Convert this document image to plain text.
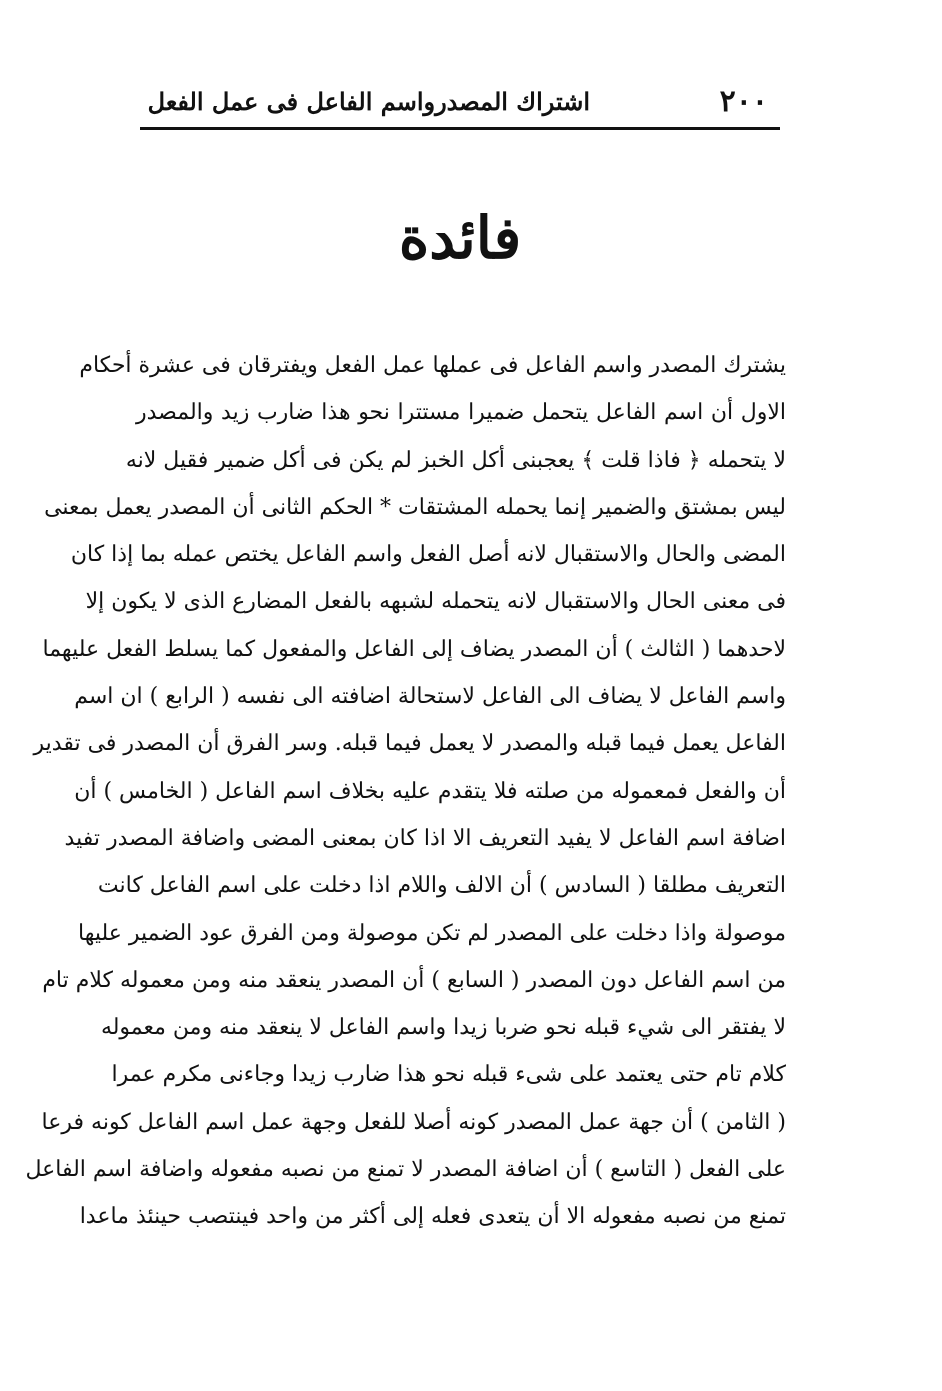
٢٠٠
اشتراك المصدرواسم الفاعل فى عمل الفعل
فائدة
يشترك المصدر واسم الفاعل فى عملها عمل الفعل ويفترقان فى عشرة أحكام
الاول أن اسم الفاعل يتحمل ضميرا مستترا نحو هذا ضارب زيد والمصدر
لا يتحمله ﴿ فاذا قلت ﴾ يعجبنى أكل الخبز لم يكن فى أكل ضمير فقيل لانه
ليس بمشتق والضمير إنما يحمله المشتقات * الحكم الثانى أن المصدر يعمل بمعنى
المضى والحال والاستقبال لانه أصل الفعل واسم الفاعل يختص عمله بما إذا كان
فى معنى الحال والاستقبال لانه يتحمله لشبهه بالفعل المضارع الذى لا يكون إلا
لاحدهما ( الثالث ) أن المصدر يضاف إلى الفاعل والمفعول كما يسلط الفعل عليهما
واسم الفاعل لا يضاف الى الفاعل لاستحالة اضافته الى نفسه ( الرابع ) ان اسم
الفاعل يعمل فيما قبله والمصدر لا يعمل فيما قبله. وسر الفرق أن المصدر فى تقدير
أن والفعل فمعموله من صلته فلا يتقدم عليه بخلاف اسم الفاعل ( الخامس ) أن
اضافة اسم الفاعل لا يفيد التعريف الا اذا كان بمعنى المضى واضافة المصدر تفيد
التعريف مطلقا ( السادس ) أن الالف واللام اذا دخلت على اسم الفاعل كانت
موصولة واذا دخلت على المصدر لم تكن موصولة ومن الفرق عود الضمير عليها
من اسم الفاعل دون المصدر ( السابع ) أن المصدر ينعقد منه ومن معموله كلام تام
لا يفتقر الى شيء قبله نحو ضربا زيدا واسم الفاعل لا ينعقد منه ومن معموله
كلام تام حتى يعتمد على شىء قبله نحو هذا ضارب زيدا وجاءنى مكرم عمرا
( الثامن ) أن جهة عمل المصدر كونه أصلا للفعل وجهة عمل اسم الفاعل كونه فرعا
على الفعل ( التاسع ) أن اضافة المصدر لا تمنع من نصبه مفعوله واضافة اسم الفاعل
تمنع من نصبه مفعوله الا أن يتعدى فعله إلى أكثر من واحد فينتصب حينئذ ماعدا
